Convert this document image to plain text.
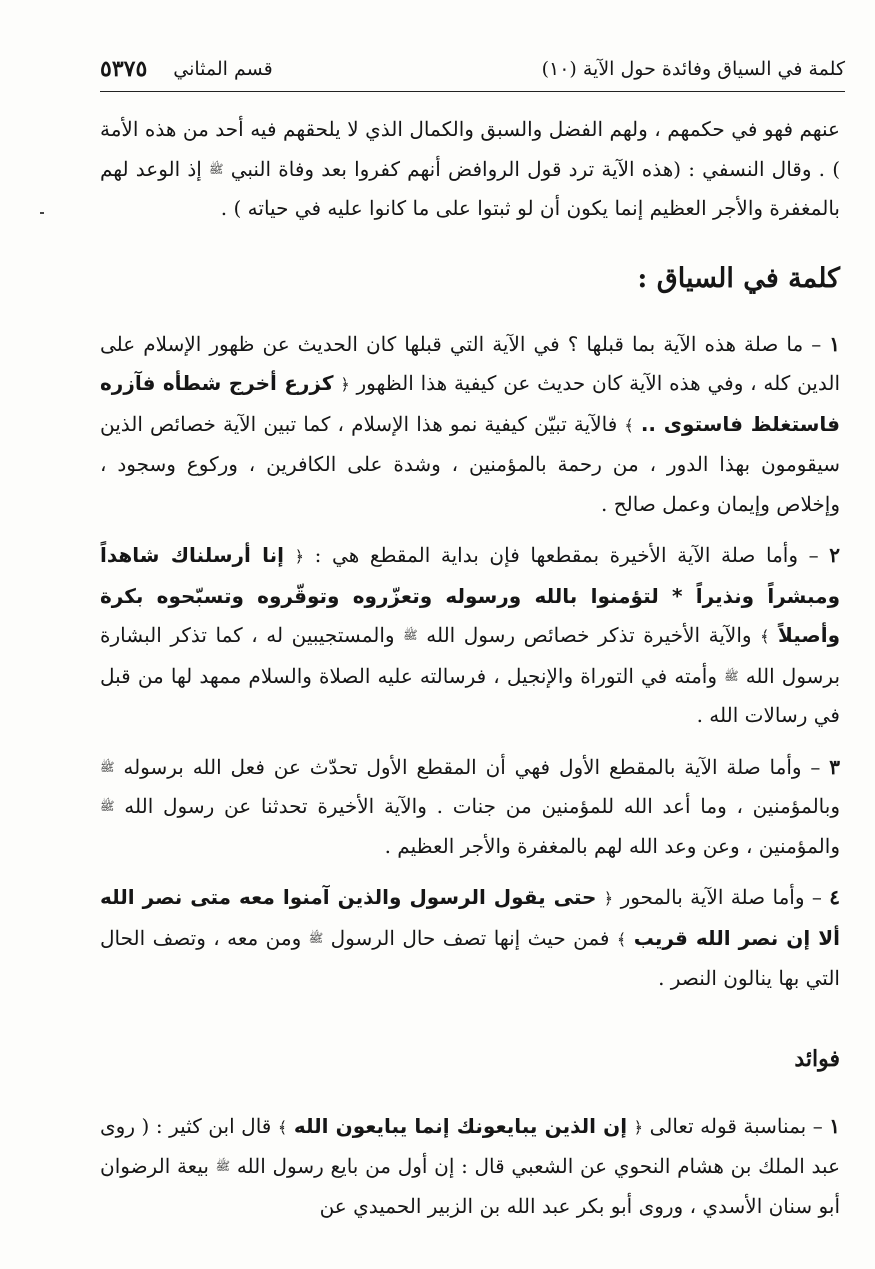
كلمة في السياق وفائدة حول الآية (١٠)
قسم المثاني
٥٣٧٥

عنهم فهو في حكمهم ، ولهم الفضل والسبق والكمال الذي لا يلحقهم فيه أحد من هذه الأمة ) . وقال النسفي : (هذه الآية ترد قول الروافض أنهم كفروا بعد وفاة النبي ﷺ إذ الوعد لهم بالمغفرة والأجر العظيم إنما يكون أن لو ثبتوا على ما كانوا عليه في حياته ) .

كلمة في السياق :

١ – ما صلة هذه الآية بما قبلها ؟ في الآية التي قبلها كان الحديث عن ظهور الإسلام على الدين كله ، وفي هذه الآية كان حديث عن كيفية هذا الظهور ﴿ كزرع أخرج شطأه فآزره فاستغلظ فاستوى .. ﴾ فالآية تبيّن كيفية نمو هذا الإسلام ، كما تبين الآية خصائص الذين سيقومون بهذا الدور ، من رحمة بالمؤمنين ، وشدة على الكافرين ، وركوع وسجود ، وإخلاص وإيمان وعمل صالح .

٢ – وأما صلة الآية الأخيرة بمقطعها فإن بداية المقطع هي : ﴿ إنا أرسلناك شاهداً ومبشراً ونذيراً * لتؤمنوا بالله ورسوله وتعزّروه وتوقّروه وتسبّحوه بكرة وأصيلاً ﴾ والآية الأخيرة تذكر خصائص رسول الله ﷺ والمستجيبين له ، كما تذكر البشارة برسول الله ﷺ وأمته في التوراة والإنجيل ، فرسالته عليه الصلاة والسلام ممهد لها من قبل في رسالات الله .

٣ – وأما صلة الآية بالمقطع الأول فهي أن المقطع الأول تحدّث عن فعل الله برسوله ﷺ وبالمؤمنين ، وما أعد الله للمؤمنين من جنات . والآية الأخيرة تحدثنا عن رسول الله ﷺ والمؤمنين ، وعن وعد الله لهم بالمغفرة والأجر العظيم .

٤ – وأما صلة الآية بالمحور ﴿ حتى يقول الرسول والذين آمنوا معه متى نصر الله ألا إن نصر الله قريب ﴾ فمن حيث إنها تصف حال الرسول ﷺ ومن معه ، وتصف الحال التي بها ينالون النصر .

فوائد

١ – بمناسبة قوله تعالى ﴿ إن الذين يبايعونك إنما يبايعون الله ﴾ قال ابن كثير : ( روى عبد الملك بن هشام النحوي عن الشعبي قال : إن أول من بايع رسول الله ﷺ بيعة الرضوان أبو سنان الأسدي ، وروى أبو بكر عبد الله بن الزبير الحميدي عن
